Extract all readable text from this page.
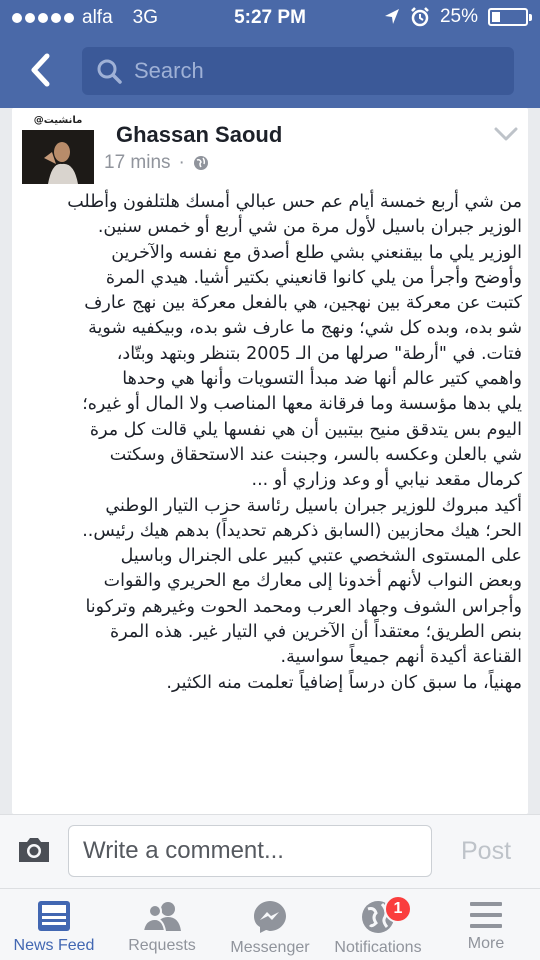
alfa 3G	5:27 PM	25%
Search
@مانشيت
Ghassan Saoud
17 mins ·

من شي أربع خمسة أيام عم حس عبالي أمسك هلتلفون وأطلب

الوزير جبران باسيل لأول مرة من شي أربع أو خمس سنين.

الوزير يلي ما بيقنعني بشي طلع أصدق مع نفسه والآخرين

وأوضح وأجرأ من يلي كانوا قانعيني بكتير أشيا. هيدي المرة

كتبت عن معركة بين نهجين، هي بالفعل معركة بين نهج عارف

شو بده، وبده كل شي؛ ونهج ما عارف شو بده، وبيكفيه شوية

فتات. في "أرطة" صرلها من الـ 2005 بتنظر وبتهد وبتّاد،

واهمي كتير عالم أنها ضد مبدأ التسويات وأنها هي وحدها

يلي بدها مؤسسة وما فرقانة معها المناصب ولا المال أو غيره؛

اليوم بس يتدقق منيح بيتبين أن هي نفسها يلي قالت كل مرة

شي بالعلن وعكسه بالسر، وجبنت عند الاستحقاق وسكتت

كرمال مقعد نيابي أو وعد وزاري أو ...

أكيد مبروك للوزير جبران باسيل رئاسة حزب التيار الوطني

الحر؛ هيك محازبين (السابق ذكرهم تحديداً) بدهم هيك رئيس..

على المستوى الشخصي عتبي كبير على الجنرال وباسيل

وبعض النواب لأنهم أخدونا إلى معارك مع الحريري والقوات

وأجراس الشوف وجهاد العرب ومحمد الحوت وغيرهم وتركونا

بنص الطريق؛ معتقداً أن الآخرين في التيار غير. هذه المرة

القناعة أكيدة أنهم جميعاً سواسية.

مهنياً، ما سبق كان درساً إضافياً تعلمت منه الكثير.

Write a comment...
Post
News Feed Requests Messenger
1
Notifications	More
